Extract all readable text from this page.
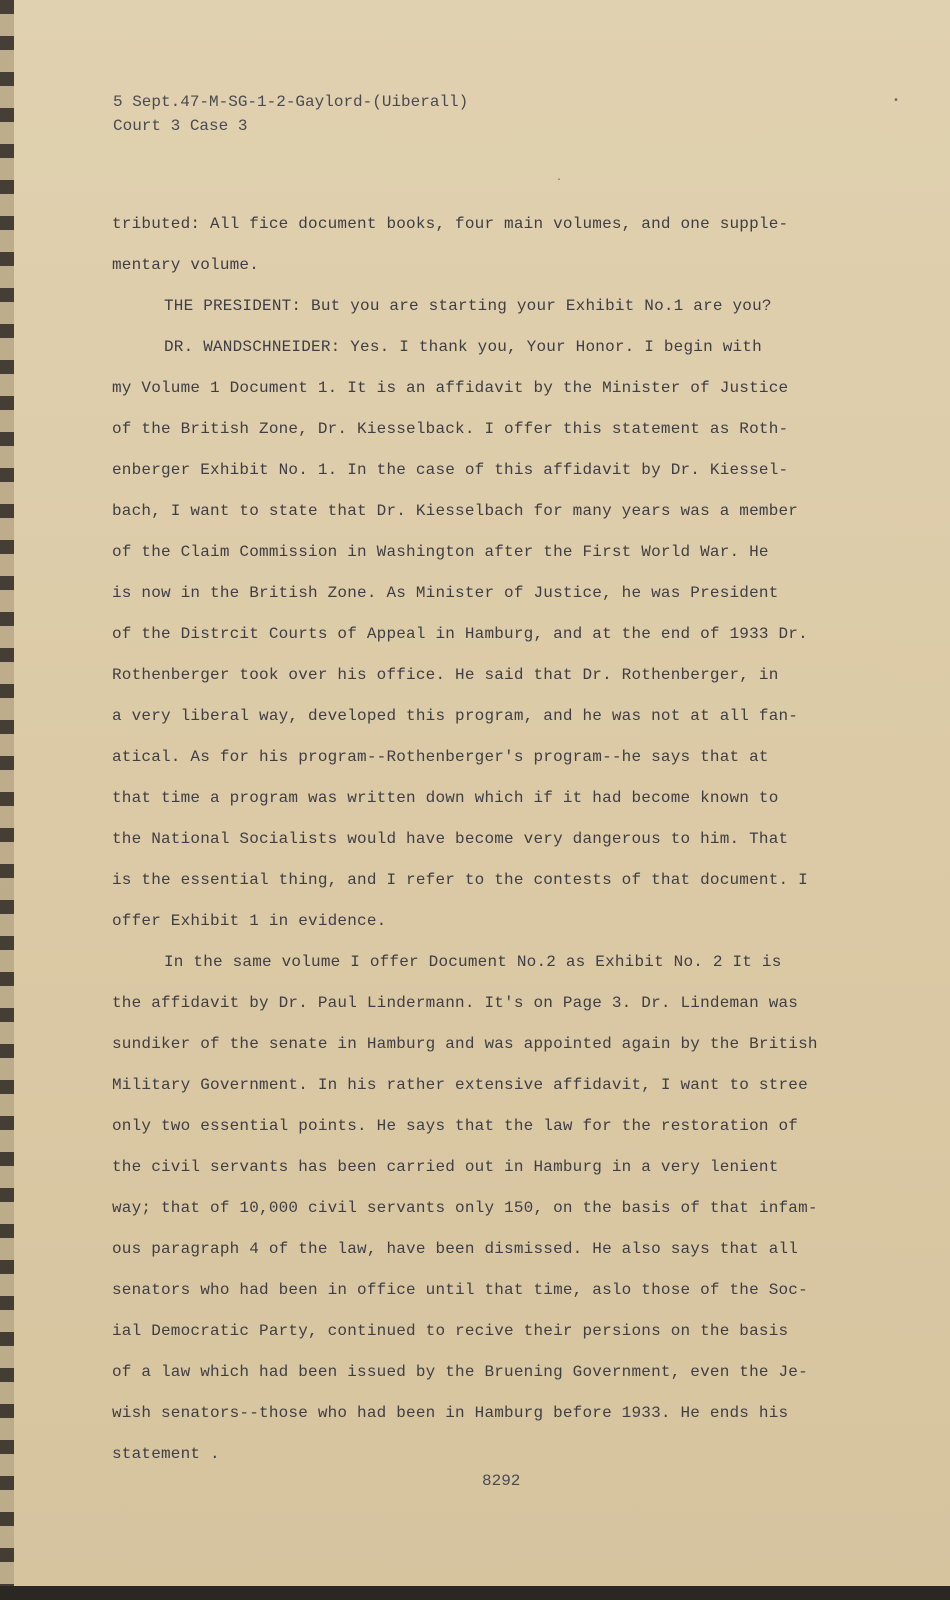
5 Sept.47-M-SG-1-2-Gaylord-(Uiberall)
Court 3 Case 3
•
.
tributed: All fice document books, four main volumes, and one supple-
mentary volume.
THE PRESIDENT: But you are starting your Exhibit No.1 are you?
DR. WANDSCHNEIDER: Yes. I thank you, Your Honor. I begin with
my Volume 1 Document 1. It is an affidavit by the Minister of Justice
of the British Zone, Dr. Kiesselback. I offer this statement as Roth-
enberger Exhibit No. 1. In the case of this affidavit by Dr. Kiessel-
bach, I want to state that Dr. Kiesselbach for many years was a member
of the Claim Commission in Washington after the First World War. He
is now in the British Zone. As Minister of Justice, he was President
of the Distrcit Courts of Appeal in Hamburg, and at the end of 1933 Dr.
Rothenberger took over his office. He said that Dr. Rothenberger, in
a very liberal way, developed this program, and he was not at all fan-
atical. As for his program--Rothenberger's program--he says that at
that time a program was written down which if it had become known to
the National Socialists would have become very dangerous to him. That
is the essential thing, and I refer to the contests of that document. I
offer Exhibit 1 in evidence.
In the same volume I offer Document No.2 as Exhibit No. 2 It is
the affidavit by Dr. Paul Lindermann. It's on Page 3. Dr. Lindeman was
sundiker of the senate in Hamburg and was appointed again by the British
Military Government. In his rather extensive affidavit, I want to stree
only two essential points. He says that the law for the restoration of
the civil servants has been carried out in Hamburg in a very lenient
way; that of 10,000 civil servants only 150, on the basis of that infam-
ous paragraph 4 of the law, have been dismissed. He also says that all
senators who had been in office until that time, aslo those of the Soc-
ial Democratic Party, continued to recive their persions on the basis
of a law which had been issued by the Bruening Government, even the Je-
wish senators--those who had been in Hamburg before 1933. He ends his
statement .
8292
